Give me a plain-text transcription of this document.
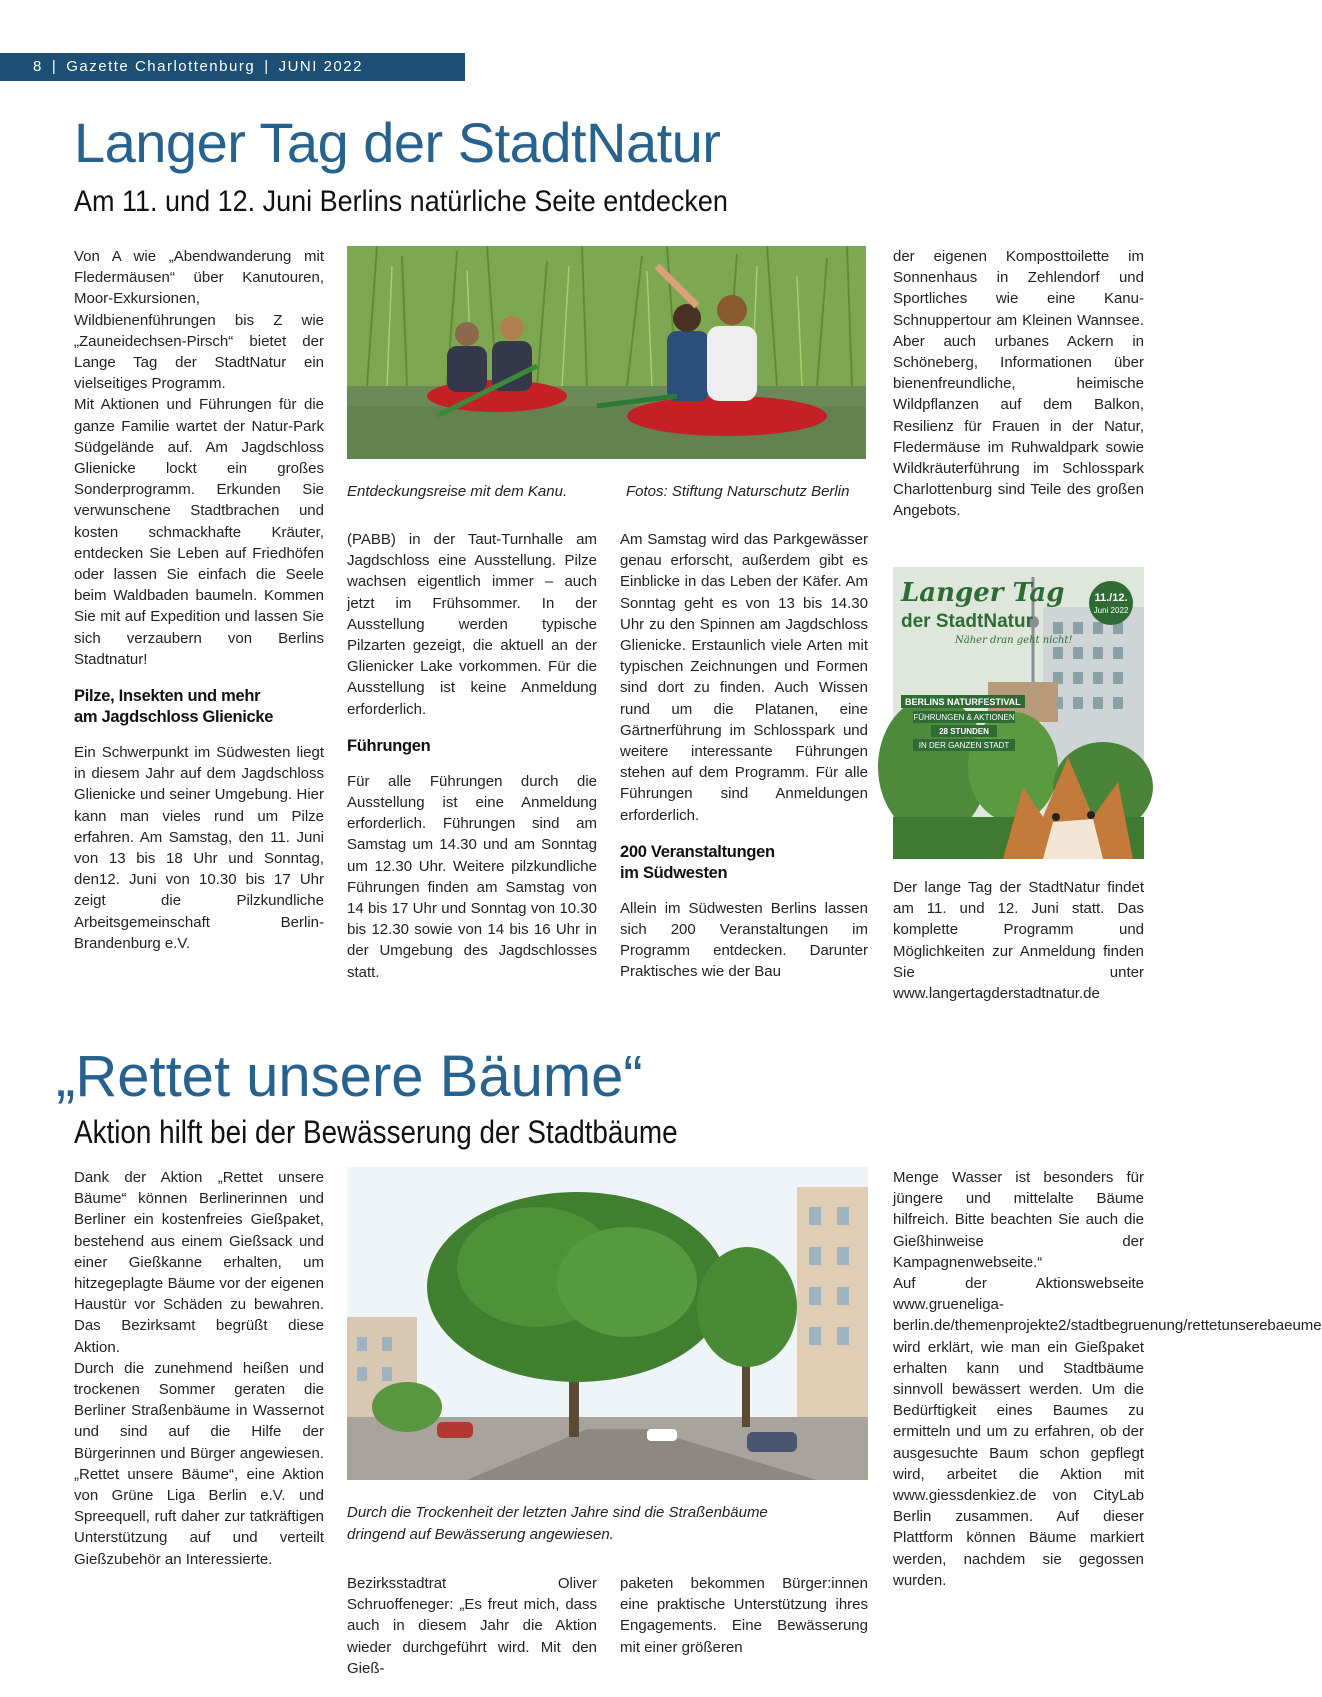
8 | Gazette Charlottenburg | JUNI 2022
Langer Tag der StadtNatur
Am 11. und 12. Juni Berlins natürliche Seite entdecken

Von A wie „Abendwanderung mit Fledermäusen“ über Kanutouren, Moor-Exkursionen, Wildbienenführungen bis Z wie „Zauneidechsen-Pirsch“ bietet der Lange Tag der StadtNatur ein vielseitiges Programm.

Mit Aktionen und Führungen für die ganze Familie wartet der Natur-Park Südgelände auf. Am Jagdschloss Glienicke lockt ein großes Sonderprogramm. Erkunden Sie verwunschene Stadtbrachen und kosten schmackhafte Kräuter, entdecken Sie Leben auf Friedhöfen oder lassen Sie einfach die Seele beim Waldbaden baumeln. Kommen Sie mit auf Expedition und lassen Sie sich verzaubern von Berlins Stadtnatur!

Pilze, Insekten und mehr
am Jagdschloss Glienicke

Ein Schwerpunkt im Südwesten liegt in diesem Jahr auf dem Jagdschloss Glienicke und seiner Umgebung. Hier kann man vieles rund um Pilze erfahren. Am Samstag, den 11. Juni von 13 bis 18 Uhr und Sonntag, den12. Juni von 10.30 bis 17 Uhr zeigt die Pilzkundliche Arbeitsgemeinschaft Berlin-Brandenburg e.V.

Entdeckungsreise mit dem Kanu.	Fotos: Stiftung Naturschutz Berlin

(PABB) in der Taut-Turnhalle am Jagdschloss eine Ausstellung. Pilze wachsen eigentlich immer – auch jetzt im Frühsommer. In der Ausstellung werden typische Pilzarten gezeigt, die aktuell an der Glienicker Lake vorkommen. Für die Ausstellung ist keine Anmeldung erforderlich.

Führungen

Für alle Führungen durch die Ausstellung ist eine Anmeldung erforderlich. Führungen sind am Samstag um 14.30 und am Sonntag um 12.30 Uhr. Weitere pilzkundliche Führungen finden am Samstag von 14 bis 17 Uhr und Sonntag von 10.30 bis 12.30 sowie von 14 bis 16 Uhr in der Umgebung des Jagdschlosses statt.

Am Samstag wird das Parkgewässer genau erforscht, außerdem gibt es Einblicke in das Leben der Käfer. Am Sonntag geht es von 13 bis 14.30 Uhr zu den Spinnen am Jagdschloss Glienicke. Erstaunlich viele Arten mit typischen Zeichnungen und Formen sind dort zu finden. Auch Wissen rund um die Platanen, eine Gärtnerführung im Schlosspark und weitere interessante Führungen stehen auf dem Programm. Für alle Führungen sind Anmeldungen erforderlich.

200 Veranstaltungen
im Südwesten

Allein im Südwesten Berlins lassen sich 200 Veranstaltungen im Programm entdecken. Darunter Praktisches wie der Bau

der eigenen Komposttoilette im Sonnenhaus in Zehlendorf und Sportliches wie eine Kanu-Schnuppertour am Kleinen Wannsee. Aber auch urbanes Ackern in Schöneberg, Informationen über bienenfreundliche, heimische Wildpflanzen auf dem Balkon, Resilienz für Frauen in der Natur, Fledermäuse im Ruhwaldpark sowie Wildkräuterführung im Schlosspark Charlottenburg sind Teile des großen Angebots.

11./12.
Juni 2022
Langer Tag
der StadtNatur
Näher dran geht nicht!
BERLINS NATURFESTIVAL
FÜHRUNGEN & AKTIONEN
28 STUNDEN
IN DER GANZEN STADT

Der lange Tag der StadtNatur findet am 11. und 12. Juni statt. Das komplette Programm und Möglichkeiten zur Anmeldung finden Sie unter www.langertagderstadtnatur.de

„Rettet unsere Bäume“
Aktion hilft bei der Bewässerung der Stadtbäume

Dank der Aktion „Rettet unsere Bäume“ können Berlinerinnen und Berliner ein kostenfreies Gießpaket, bestehend aus einem Gießsack und einer Gießkanne erhalten, um hitzegeplagte Bäume vor der eigenen Haustür vor Schäden zu bewahren. Das Bezirksamt begrüßt diese Aktion.

Durch die zunehmend heißen und trockenen Sommer geraten die Berliner Straßenbäume in Wassernot und sind auf die Hilfe der Bürgerinnen und Bürger angewiesen. „Rettet unsere Bäume“, eine Aktion von Grüne Liga Berlin e.V. und Spreequell, ruft daher zur tatkräftigen Unterstützung auf und verteilt Gießzubehör an Interessierte.

Durch die Trockenheit der letzten Jahre sind die Straßenbäume
dringend auf Bewässerung angewiesen.

Bezirksstadtrat Oliver Schruoffeneger: „Es freut mich, dass auch in diesem Jahr die Aktion wieder durchgeführt wird. Mit den Gieß-

paketen bekommen Bürger:innen eine praktische Unterstützung ihres Engagements. Eine Bewässerung mit einer größeren

Menge Wasser ist besonders für jüngere und mittelalte Bäume hilfreich. Bitte beachten Sie auch die Gießhinweise der Kampagnenwebseite.“

Auf der Aktionswebseite www.grueneliga-berlin.de/themenprojekte2/stadtbegruenung/rettetunserebaeume wird erklärt, wie man ein Gießpaket erhalten kann und Stadtbäume sinnvoll bewässert werden. Um die Bedürftigkeit eines Baumes zu ermitteln und um zu erfahren, ob der ausgesuchte Baum schon gepflegt wird, arbeitet die Aktion mit www.giessdenkiez.de von CityLab Berlin zusammen. Auf dieser Plattform können Bäume markiert werden, nachdem sie gegossen wurden.
